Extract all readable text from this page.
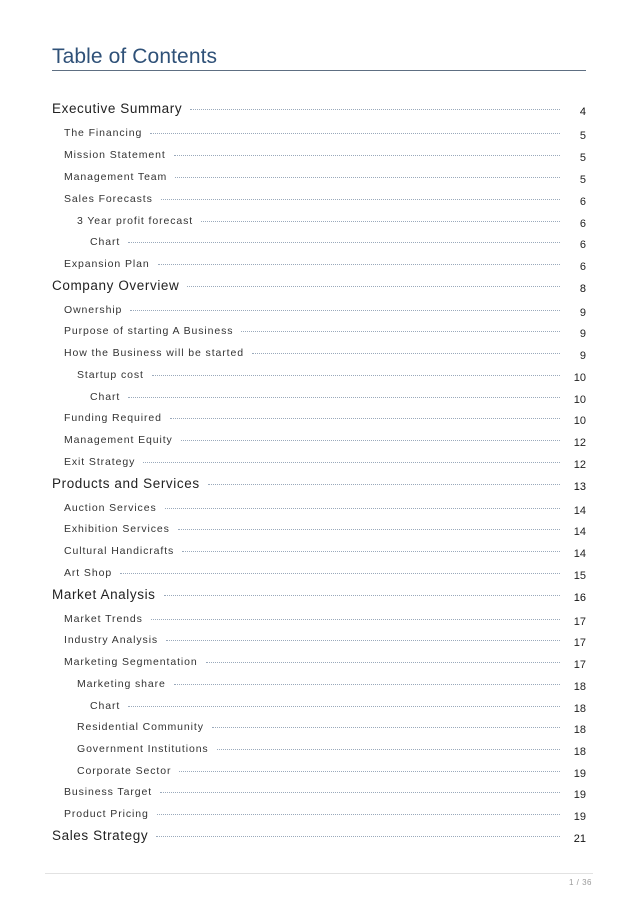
Table of Contents
Executive Summary	4
The Financing	5
Mission Statement	5
Management Team	5
Sales Forecasts	6
3 Year profit forecast	6
Chart	6
Expansion Plan	6
Company Overview	8
Ownership	9
Purpose of starting A Business	9
How the Business will be started	9
Startup cost	10
Chart	10
Funding Required	10
Management Equity	12
Exit Strategy	12
Products and Services	13
Auction Services	14
Exhibition Services	14
Cultural Handicrafts	14
Art Shop	15
Market Analysis	16
Market Trends	17
Industry Analysis	17
Marketing Segmentation	17
Marketing share	18
Chart	18
Residential Community	18
Government Institutions	18
Corporate Sector	19
Business Target	19
Product Pricing	19
Sales Strategy	21
1 / 36
